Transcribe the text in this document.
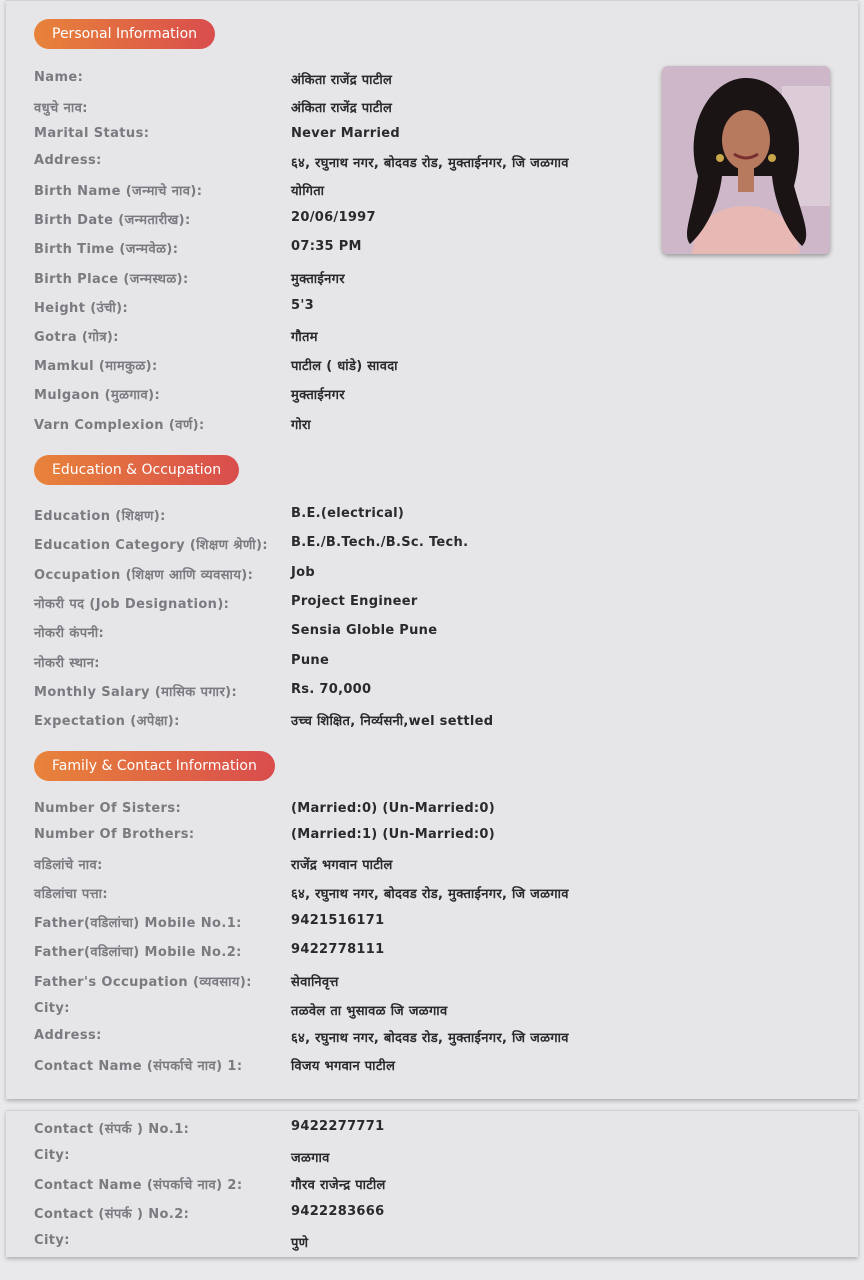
Personal Information
Name:	अंकिता राजेंद्र पाटील
वधुचे नाव:	अंकिता राजेंद्र पाटील
Marital Status:	Never Married
Address:	६४, रघुनाथ नगर, बोदवड रोड, मुक्ताईनगर, जि जळगाव
Birth Name (जन्माचे नाव):	योगिता
Birth Date (जन्मतारीख):	20/06/1997
Birth Time (जन्मवेळ):	07:35 PM
Birth Place (जन्मस्थळ):	मुक्ताईनगर
Height (उंची):	5'3
Gotra (गोत्र):	गौतम
Mamkul (मामकुळ):	पाटील ( धांडे) सावदा
Mulgaon (मुळगाव):	मुक्ताईनगर
Varn Complexion (वर्ण):	गोरा
Education & Occupation
Education (शिक्षण):	B.E.(electrical)
Education Category (शिक्षण श्रेणी): B.E./B.Tech./B.Sc. Tech.
Occupation (शिक्षण आणि व्यवसाय):	Job
नोकरी पद (Job Designation):	Project Engineer
नोकरी कंपनी:	Sensia Globle Pune
नोकरी स्थान:	Pune
Monthly Salary (मासिक पगार):	Rs. 70,000
Expectation (अपेक्षा):	उच्च शिक्षित, निर्व्यसनी,wel settled
Family & Contact Information
Number Of Sisters:	(Married:0) (Un-Married:0)
Number Of Brothers:	(Married:1) (Un-Married:0)
वडिलांचे नाव:	राजेंद्र भगवान पाटील
वडिलांचा पत्ता:	६४, रघुनाथ नगर, बोदवड रोड, मुक्ताईनगर, जि जळगाव
Father(वडिलांचा) Mobile No.1:	9421516171
Father(वडिलांचा) Mobile No.2:	9422778111
Father's Occupation (व्यवसाय):	सेवानिवृत्त
City:	तळवेल ता भुसावळ जि जळगाव
Address:	६४, रघुनाथ नगर, बोदवड रोड, मुक्ताईनगर, जि जळगाव
Contact Name (संपर्काचे नाव) 1:	विजय भगवान पाटील
Contact (संपर्क ) No.1:	9422277771
City:	जळगाव
Contact Name (संपर्काचे नाव) 2:	गौरव राजेन्द्र पाटील
Contact (संपर्क ) No.2:	9422283666
City:	पुणे
